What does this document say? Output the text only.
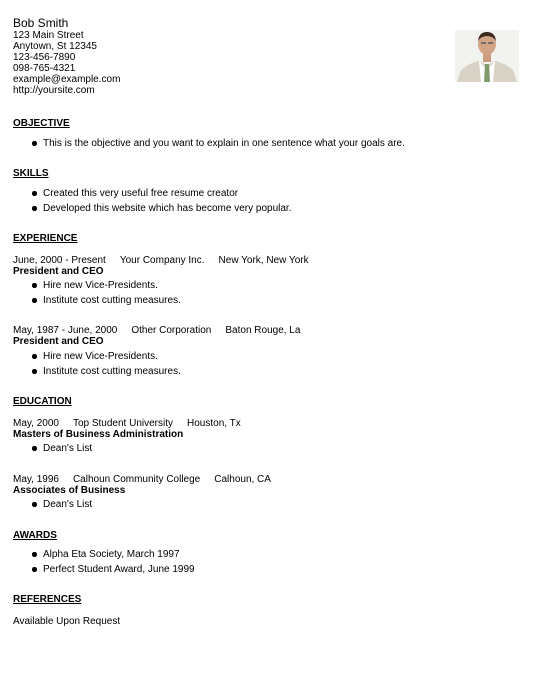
Bob Smith
123 Main Street
Anytown, St 12345
123-456-7890
098-765-4321
example@example.com
http://yoursite.com
OBJECTIVE
This is the objective and you want to explain in one sentence what your goals are.
SKILLS
Created this very useful free resume creator
Developed this website which has become very popular.
EXPERIENCE
June, 2000 - Present Your Company Inc. New York, New York
President and CEO
Hire new Vice-Presidents.
Institute cost cutting measures.
May, 1987 - June, 2000 Other Corporation Baton Rouge, La
President and CEO
Hire new Vice-Presidents.
Institute cost cutting measures.
EDUCATION
May, 2000 Top Student University Houston, Tx
Masters of Business Administration
Dean's List
May, 1996 Calhoun Community College Calhoun, CA
Associates of Business
Dean's List
AWARDS
Alpha Eta Society, March 1997
Perfect Student Award, June 1999
REFERENCES
Available Upon Request
